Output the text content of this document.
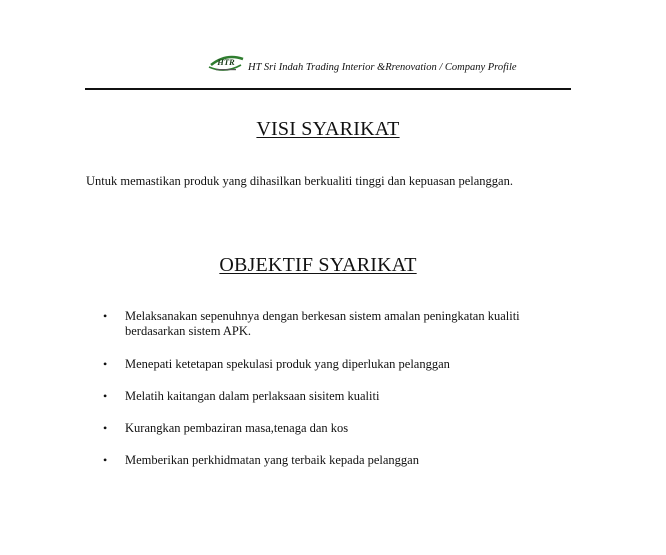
HTR HT Sri Indah Trading Interior &Rrenovation / Company Profile
VISI SYARIKAT
Untuk memastikan produk yang dihasilkan berkualiti tinggi dan kepuasan pelanggan.
OBJEKTIF SYARIKAT
•	Melaksanakan sepenuhnya dengan berkesan sistem amalan peningkatan kualiti berdasarkan sistem APK.
•	Menepati ketetapan spekulasi produk yang diperlukan pelanggan
•	Melatih kaitangan dalam perlaksaan sisitem kualiti
•	Kurangkan pembaziran masa,tenaga dan kos
•	Memberikan perkhidmatan yang terbaik kepada pelanggan
